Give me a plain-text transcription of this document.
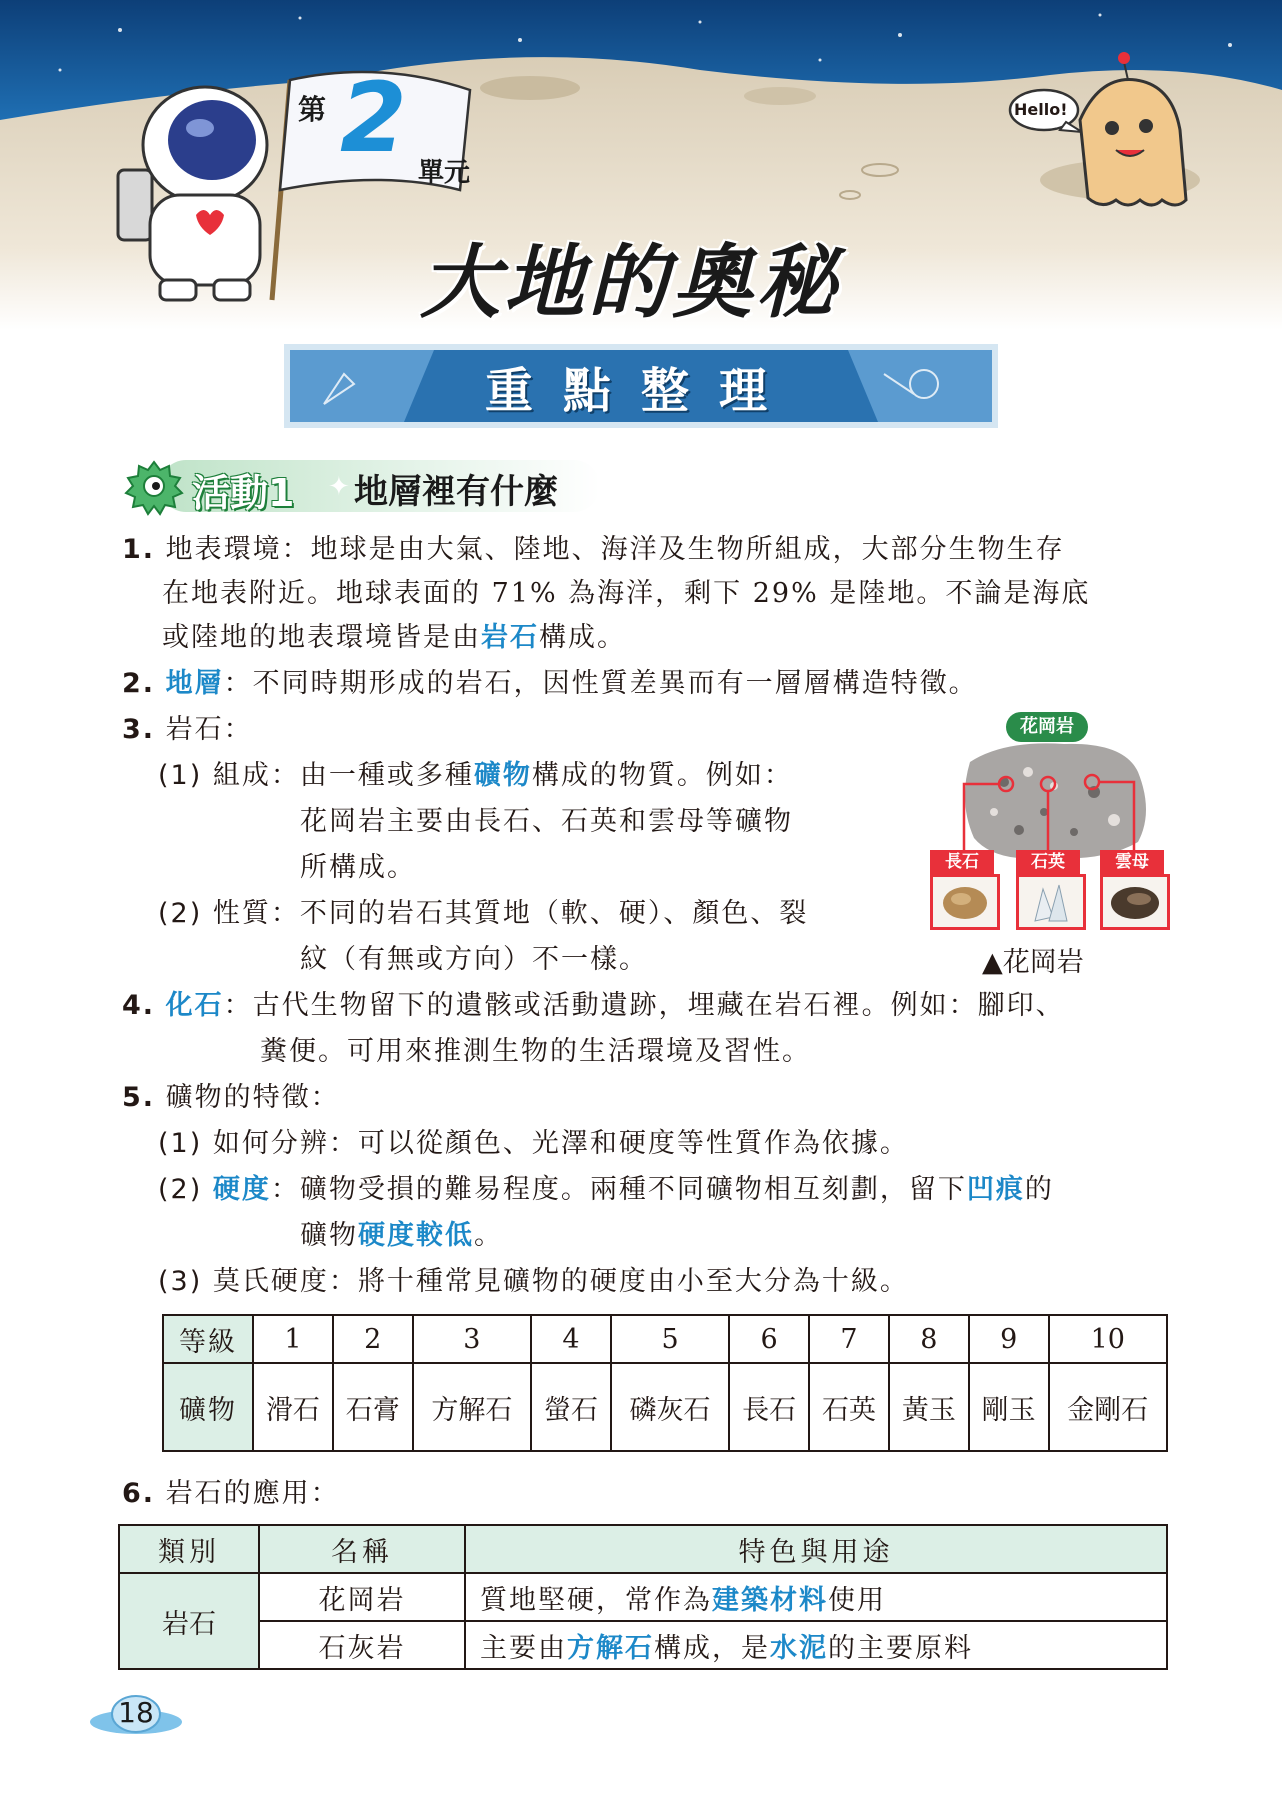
第 2 單元
Hello!
大地的奧秘
重點整理
活動1 ✦ 地層裡有什麼
1. 地表環境：地球是由大氣、陸地、海洋及生物所組成，大部分生物生存
在地表附近。地球表面的 71% 為海洋，剩下 29% 是陸地。不論是海底
或陸地的地表環境皆是由岩石構成。
2. 地層：不同時期形成的岩石，因性質差異而有一層層構造特徵。
3. 岩石：
(1) 組成：由一種或多種礦物構成的物質。例如：
花岡岩主要由長石、石英和雲母等礦物
所構成。
(2) 性質：不同的岩石其質地（軟、硬）、顏色、裂
紋（有無或方向）不一樣。
長石	石英	雲母
花岡岩
▲花岡岩
4. 化石：古代生物留下的遺骸或活動遺跡，埋藏在岩石裡。例如：腳印、
糞便。可用來推測生物的生活環境及習性。
5. 礦物的特徵：
(1) 如何分辨：可以從顏色、光澤和硬度等性質作為依據。
(2) 硬度：礦物受損的難易程度。兩種不同礦物相互刻劃，留下凹痕的
礦物硬度較低。
(3) 莫氏硬度：將十種常見礦物的硬度由小至大分為十級。
等級	1	2	3	4	5	6	7	8	9	10
礦物	滑石	石膏	方解石	螢石	磷灰石	長石	石英	黃玉	剛玉	金剛石
6. 岩石的應用：
類別	名稱	特色與用途
岩石	花岡岩	質地堅硬，常作為建築材料使用
	石灰岩	主要由方解石構成，是水泥的主要原料
18
